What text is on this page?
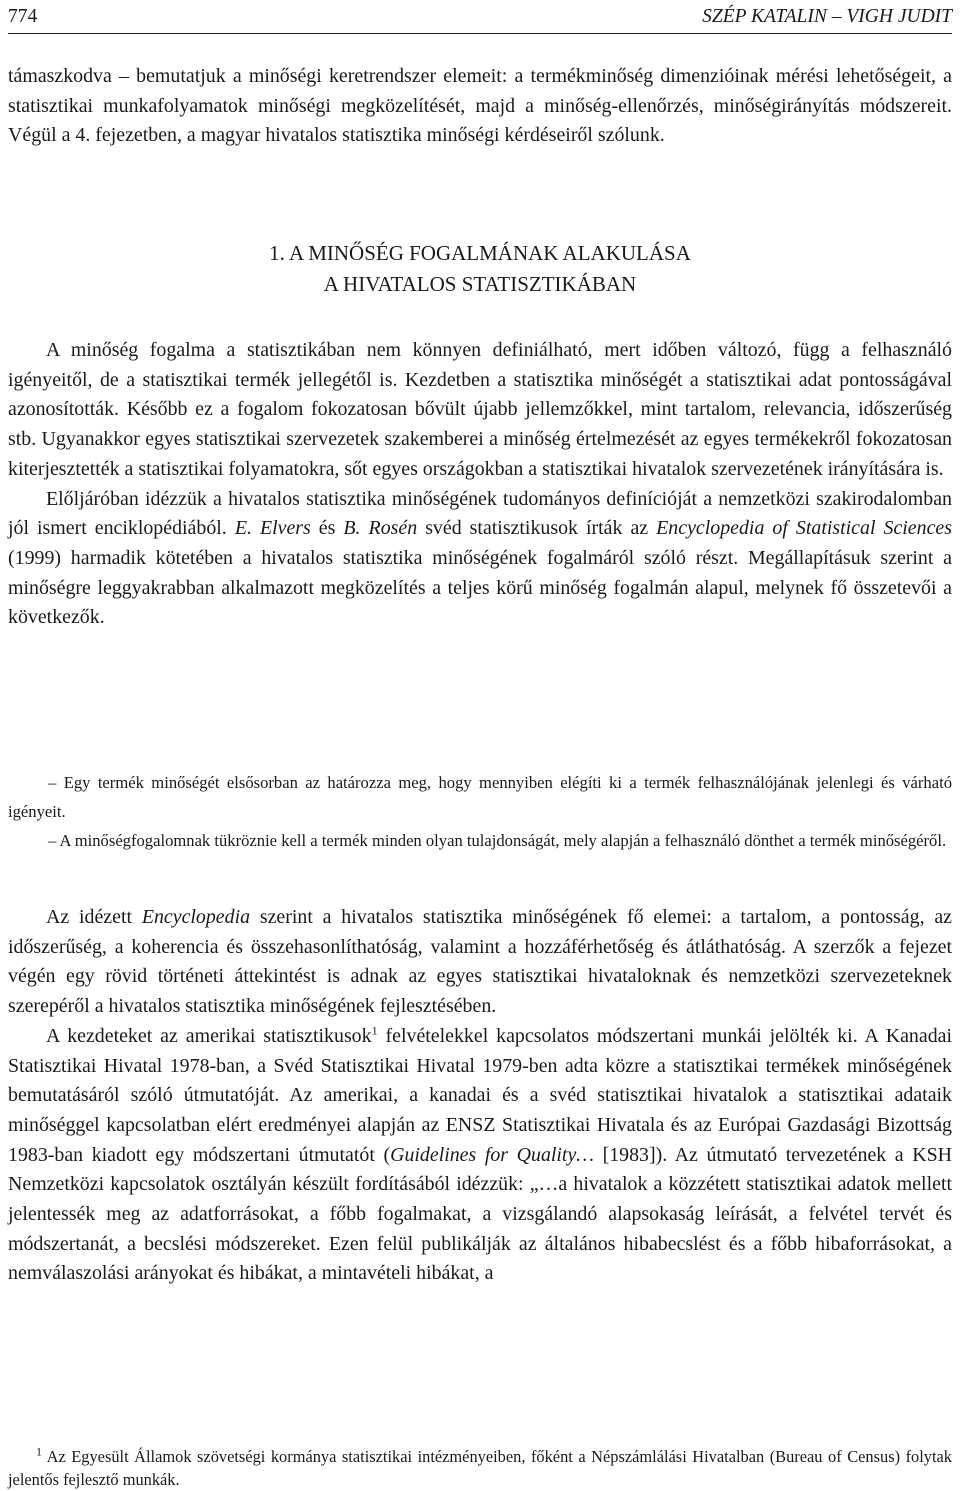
774	SZÉP KATALIN – VIGH JUDIT

támaszkodva – bemutatjuk a minőségi keretrendszer elemeit: a termékminőség dimenzióinak mérési lehetőségeit, a statisztikai munkafolyamatok minőségi megközelítését, majd a minőség-ellenőrzés, minőségirányítás módszereit. Végül a 4. fejezetben, a magyar hivatalos statisztika minőségi kérdéseiről szólunk.

1. A MINŐSÉG FOGALMÁNAK ALAKULÁSA
A HIVATALOS STATISZTIKÁBAN

A minőség fogalma a statisztikában nem könnyen definiálható, mert időben változó, függ a felhasználó igényeitől, de a statisztikai termék jellegétől is. Kezdetben a statisztika minőségét a statisztikai adat pontosságával azonosították. Később ez a fogalom fokozatosan bővült újabb jellemzőkkel, mint tartalom, relevancia, időszerűség stb. Ugyanakkor egyes statisztikai szervezetek szakemberei a minőség értelmezését az egyes termékekről fokozatosan kiterjesztették a statisztikai folyamatokra, sőt egyes országokban a statisztikai hivatalok szervezetének irányítására is.

Előljáróban idézzük a hivatalos statisztika minőségének tudományos definícióját a nemzetközi szakirodalomban jól ismert enciklopédiából. E. Elvers és B. Rosén svéd statisztikusok írták az Encyclopedia of Statistical Sciences (1999) harmadik kötetében a hivatalos statisztika minőségének fogalmáról szóló részt. Megállapításuk szerint a minőségre leggyakrabban alkalmazott megközelítés a teljes körű minőség fogalmán alapul, melynek fő összetevői a következők.

– Egy termék minőségét elsősorban az határozza meg, hogy mennyiben elégíti ki a termék felhasználójának jelenlegi és várható igényeit.

– A minőségfogalomnak tükröznie kell a termék minden olyan tulajdonságát, mely alapján a felhasználó dönthet a termék minőségéről.

Az idézett Encyclopedia szerint a hivatalos statisztika minőségének fő elemei: a tartalom, a pontosság, az időszerűség, a koherencia és összehasonlíthatóság, valamint a hozzáférhetőség és átláthatóság. A szerzők a fejezet végén egy rövid történeti áttekintést is adnak az egyes statisztikai hivataloknak és nemzetközi szervezeteknek szerepéről a hivatalos statisztika minőségének fejlesztésében.

A kezdeteket az amerikai statisztikusok$^1$ felvételekkel kapcsolatos módszertani munkái jelölték ki. A Kanadai Statisztikai Hivatal 1978-ban, a Svéd Statisztikai Hivatal 1979-ben adta közre a statisztikai termékek minőségének bemutatásáról szóló útmutatóját. Az amerikai, a kanadai és a svéd statisztikai hivatalok a statisztikai adataik minőséggel kapcsolatban elért eredményei alapján az ENSZ Statisztikai Hivatala és az Európai Gazdasági Bizottság 1983-ban kiadott egy módszertani útmutatót (Guidelines for Quality… [1983]). Az útmutató tervezetének a KSH Nemzetközi kapcsolatok osztályán készült fordításából idézzük: „…a hivatalok a közzétett statisztikai adatok mellett jelentessék meg az adatforrásokat, a főbb fogalmakat, a vizsgálandó alapsokaság leírását, a felvétel tervét és módszertanát, a becslési módszereket. Ezen felül publikálják az általános hibabecslést és a főbb hibaforrásokat, a nemválaszolási arányokat és hibákat, a mintavételi hibákat, a

$^1$ Az Egyesült Államok szövetségi kormánya statisztikai intézményeiben, főként a Népszámlálási Hivatalban (Bureau of Census) folytak jelentős fejlesztő munkák.
